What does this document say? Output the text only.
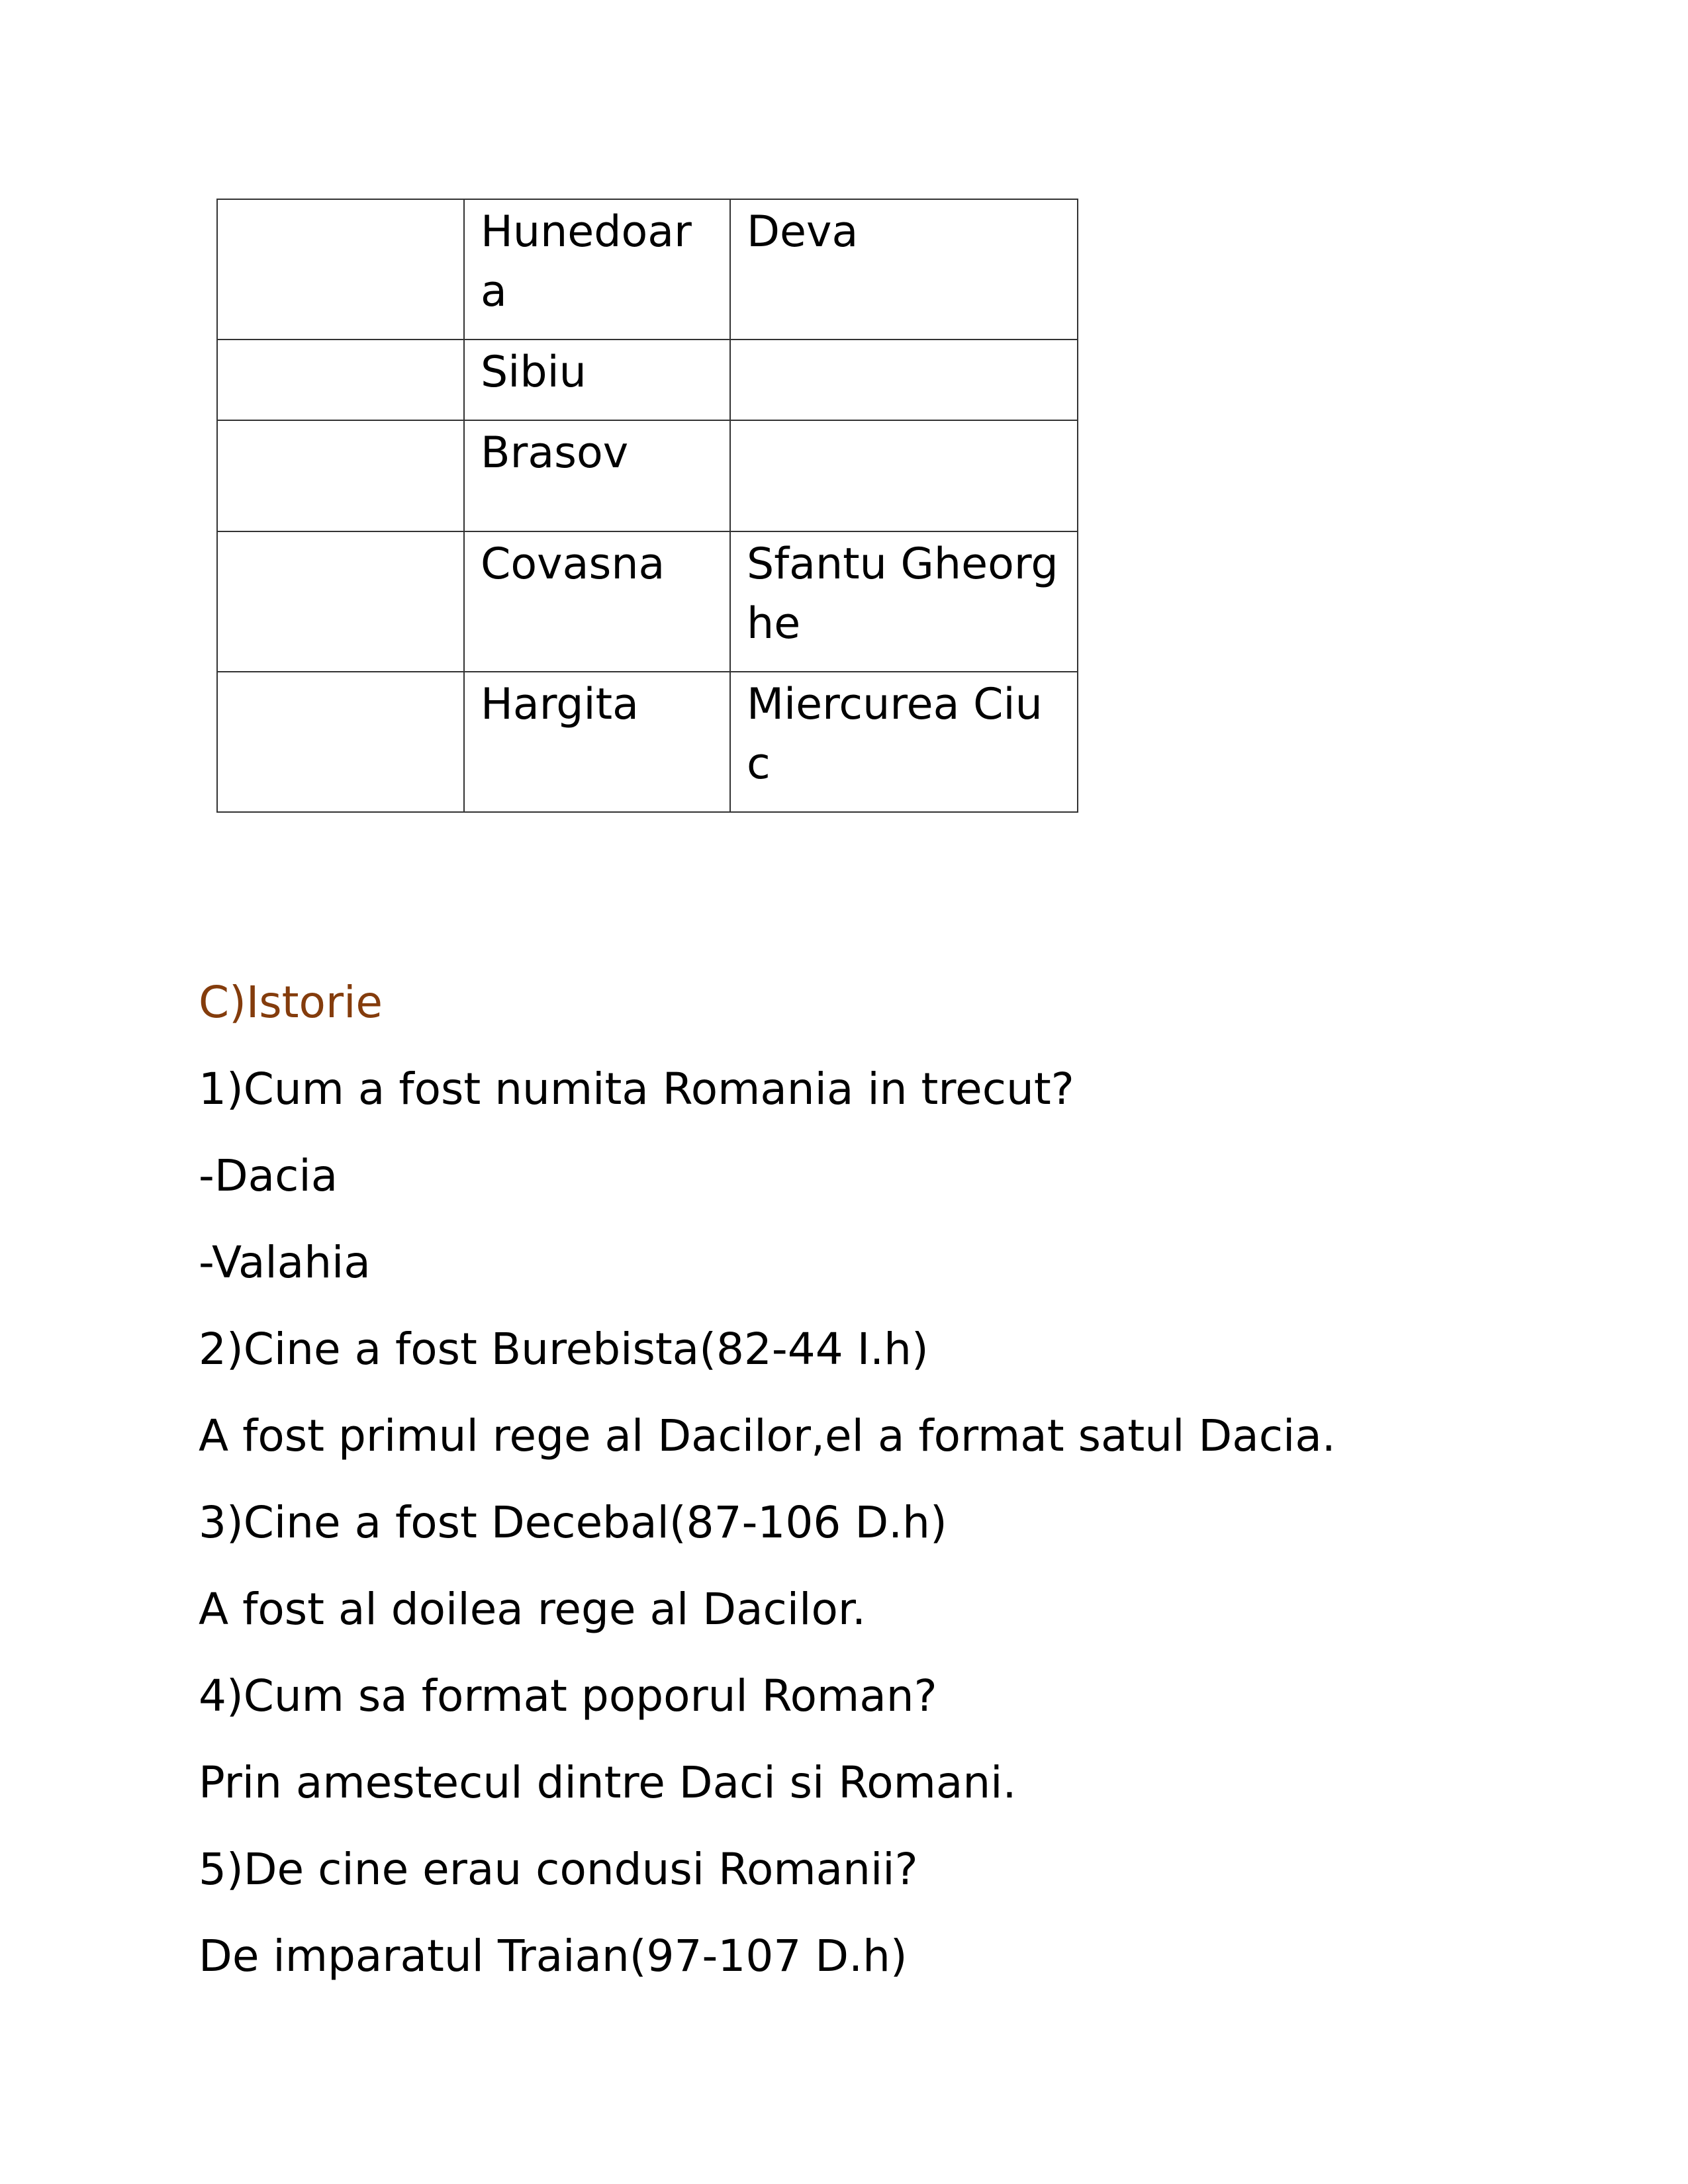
	Hunedoara	Deva
	Sibiu	
	Brasov	
	Covasna	Sfantu Gheorghe
	Hargita	Miercurea Ciuc
C)Istorie
1)Cum a fost numita Romania in trecut?
-Dacia
-Valahia
2)Cine a fost Burebista(82-44 I.h)
A fost primul rege al Dacilor,el a format satul Dacia.
3)Cine a fost Decebal(87-106 D.h)
A fost al doilea rege al Dacilor.
4)Cum sa format poporul Roman?
Prin amestecul dintre Daci si Romani.
5)De cine erau condusi Romanii?
De imparatul Traian(97-107 D.h)
